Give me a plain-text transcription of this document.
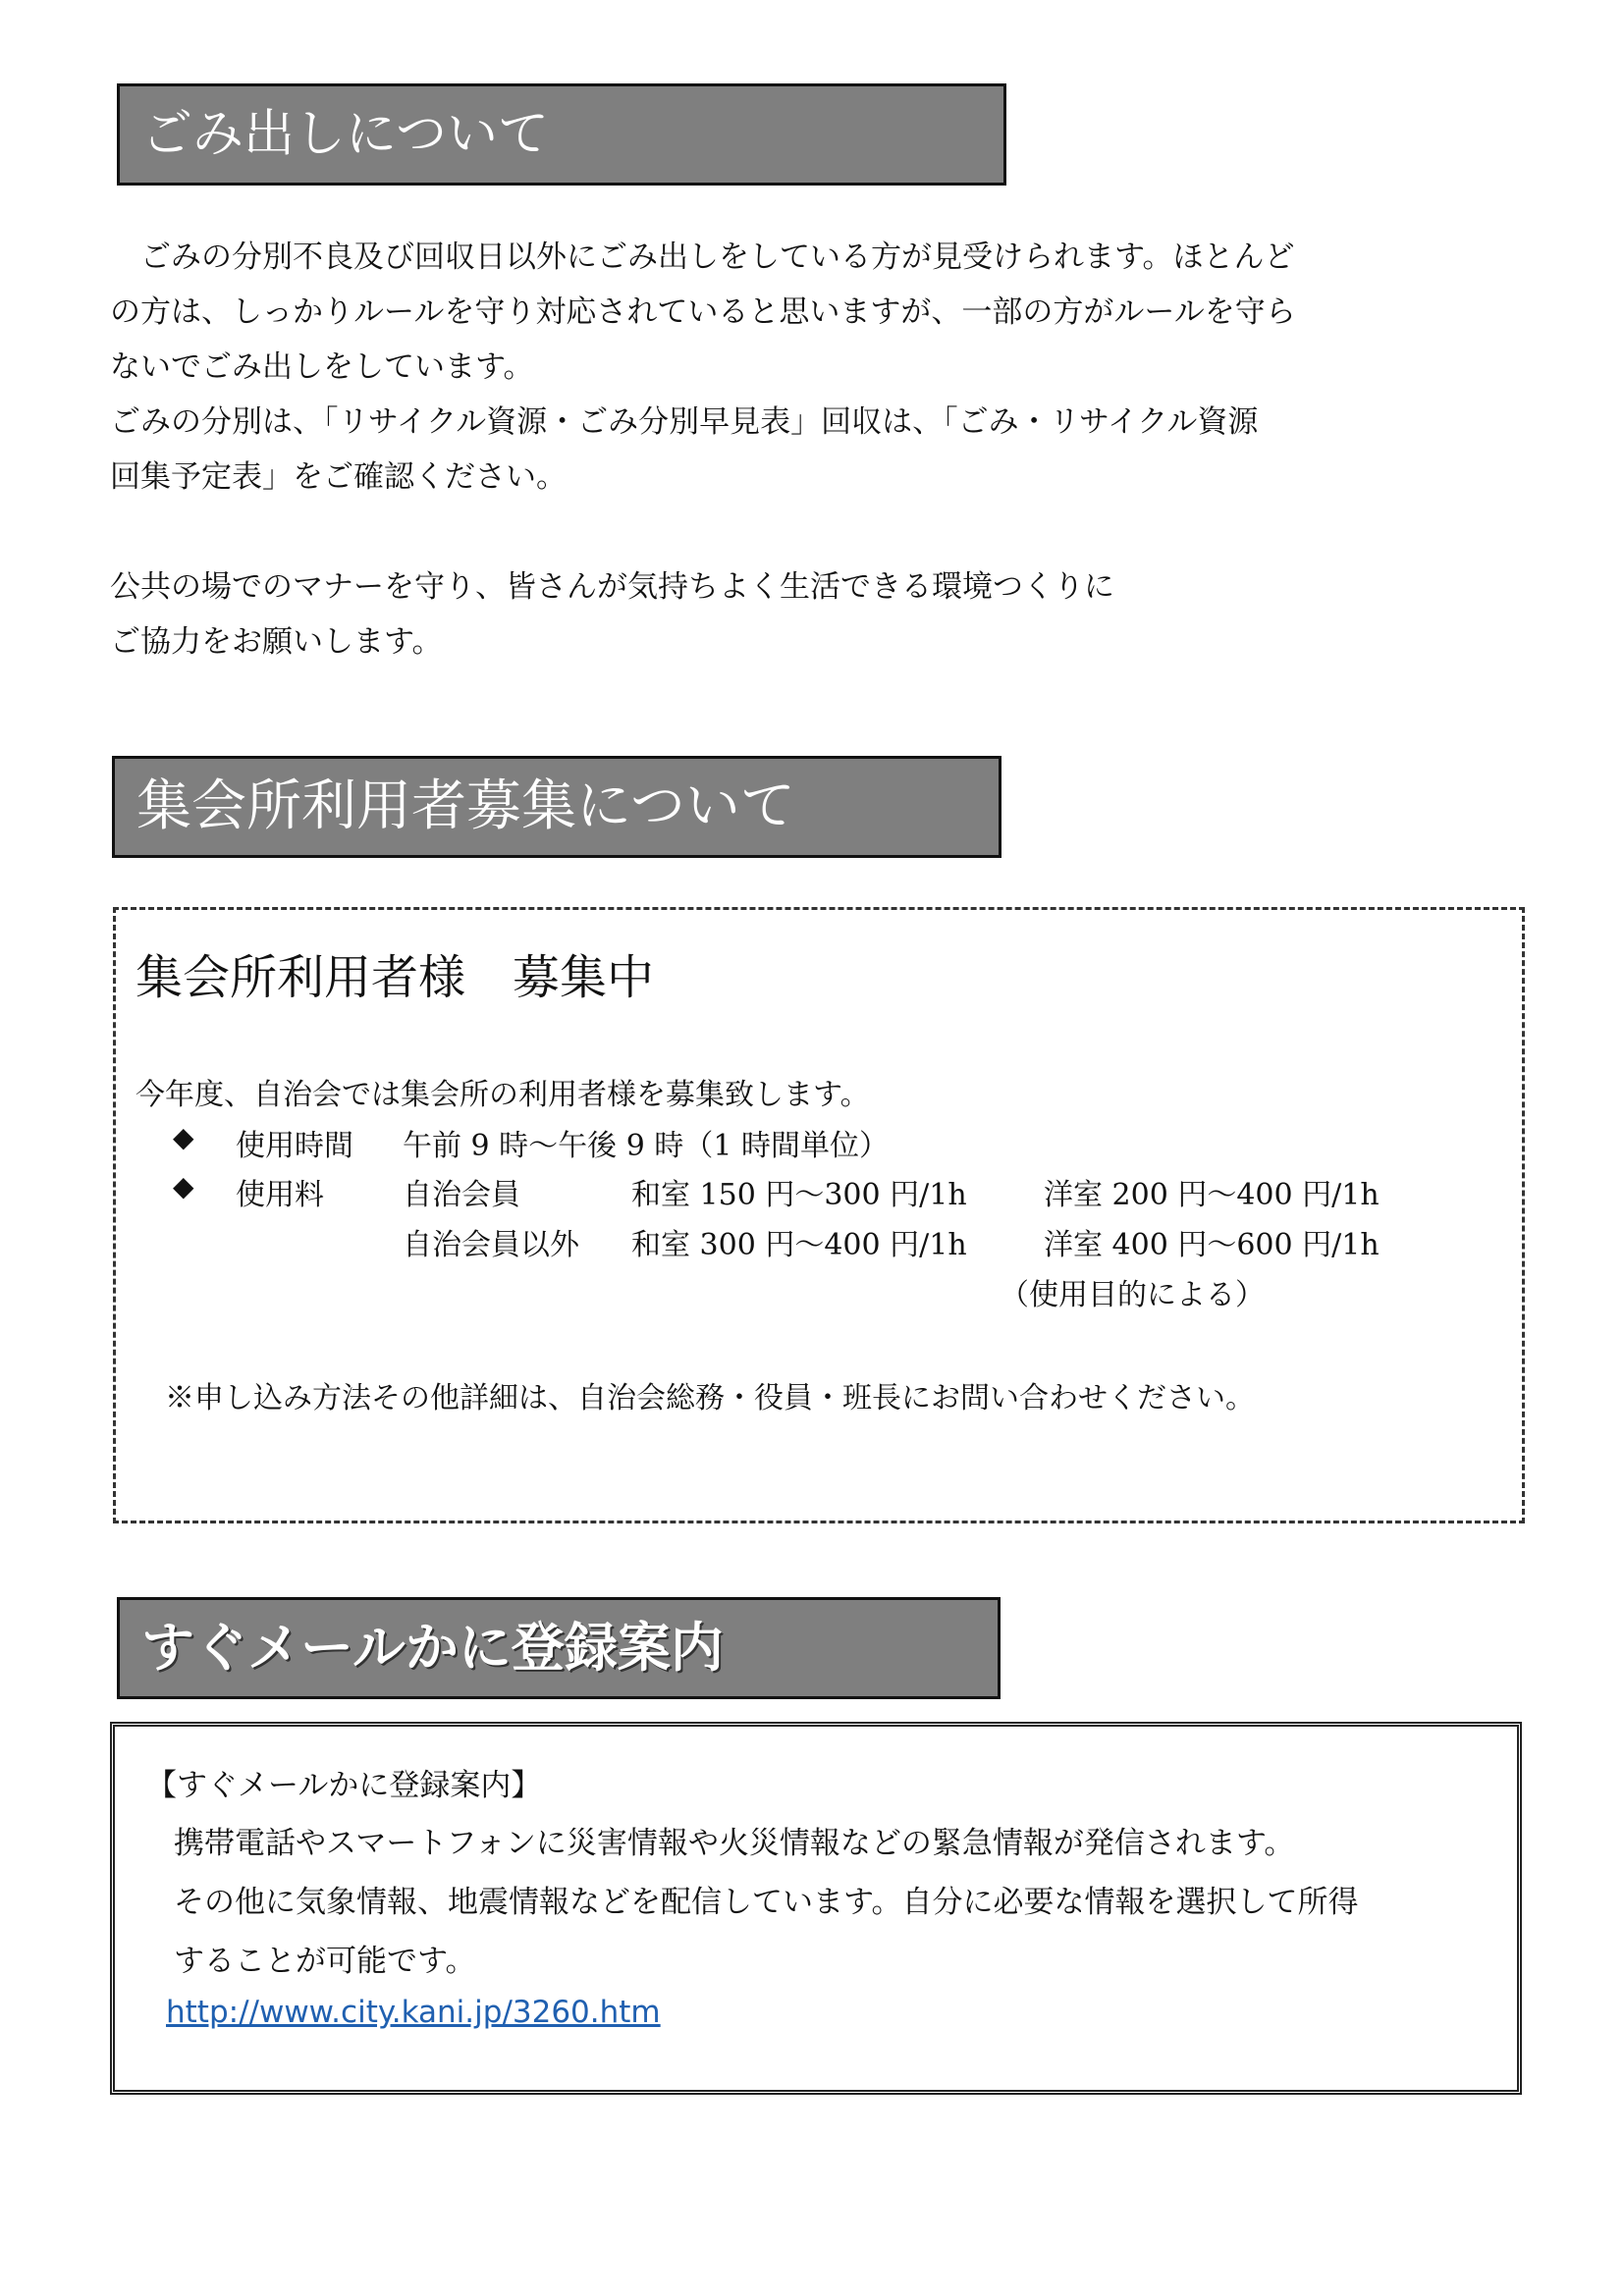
ごみ出しについて
　ごみの分別不良及び回収日以外にごみ出しをしている方が見受けられます。ほとんど
の方は、しっかりルールを守り対応されていると思いますが、一部の方がルールを守ら
ないでごみ出しをしています。
ごみの分別は、「リサイクル資源・ごみ分別早見表」回収は、「ごみ・リサイクル資源
回集予定表」をご確認ください。
公共の場でのマナーを守り、皆さんが気持ちよく生活できる環境つくりに
ご協力をお願いします。
集会所利用者募集について
集会所利用者様　募集中
今年度、自治会では集会所の利用者様を募集致します。
◆ 使用時間 午前 9 時～午後 9 時（1 時間単位）
◆ 使用料	自治会員	和室 150 円～300 円/1h	洋室 200 円～400 円/1h
自治会員以外 和室 300 円～400 円/1h	洋室 400 円～600 円/1h
（使用目的による）
※申し込み方法その他詳細は、自治会総務・役員・班長にお問い合わせください。
すぐメールかに登録案内
【すぐメールかに登録案内】
携帯電話やスマートフォンに災害情報や火災情報などの緊急情報が発信されます。
その他に気象情報、地震情報などを配信しています。自分に必要な情報を選択して所得
することが可能です。
http://www.city.kani.jp/3260.htm
